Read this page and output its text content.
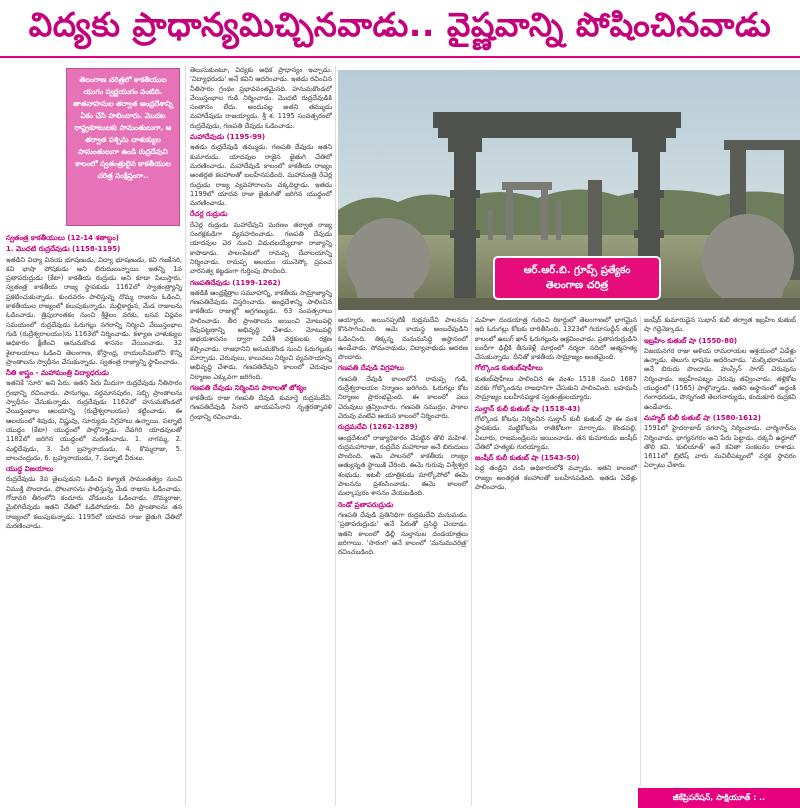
విద్యకు ప్రాధాన్యమిచ్చినవాడు.. వైష్ణవాన్ని పోషించినవాడు
తెలంగాణ చరిత్రలో కాకతీయుల యుగం స్వర్ణయుగం వంటిది. తాతవాహనుల తర్వాత ఆంధ్రదేశాన్ని ఏకం చేసి పాలించారు. మొదట రాష్ట్రకూటులకు సామంతులుగా, ఆ తర్వాత పశ్చిమ చాళుక్యుల సామంతులుగా ఉండి రుద్రదేవుని కాలంలో స్వతంత్రులైన కాకతీయుల చరిత్ర సంక్షిప్తంగా..

స్వతంత్ర కాకతీయులు (12-14 శతాబ్దం)

1. మొదటి రుద్రదేవుడు (1158-1195)

ఇతడిని విద్యా వినయ భూషణుడు, విద్యా భూషణుడు, కవి గజకేసరి, కవి భాషా పోషకుడు అని బిరుదులున్నాయి. ఇతన్ని 1వ ప్రతాపరుద్రుడు (కేటా) కాకతీయ రుద్రుడు అని కూడా పిలుస్తారు. స్వతంత్ర కాకతీయ రాజ్య స్థాపకుడు 1162లో స్వాతంత్ర్యాన్ని ప్రకటించుకున్నాడు. కుందవరం పాలిస్తున్న దొమ్మ రాజును ఓడించి, కాకతీయుల రాజ్యంలో కలుపుకున్నాడు. మల్లికార్జున, మేడ రాజులను ఓడించాడు. త్రిపురాంతకం నుంచి శ్రీశైలం వరకు, బసవ విప్లవం సమయంలో రుద్రదేవుడు ఓరుగల్లు నగరాన్ని నిర్మించి వేయిస్తంభాల గుడి (రుద్రేశ్వరాలయం)ను 1163లో నిర్మించాడు. కళ్యాణ చాళుక్యుల అధికారం క్షీణించి అనుమకొండ శాసనం వేయించాడు. 32 శైలాలయాలు ఓడించి తెలంగాణ, కోస్తాంధ్ర, రాయలసీమలోని కొన్ని ప్రాంతాలను స్వాధీనం చేసుకున్నాడు. స్వతంత్ర రాజ్యాన్ని స్థాపించాడు.

నీతి శాస్త్రం - మహామంత్రి విద్యాధరుడు

ఇతనికే 'సూరి' అని పేరు. ఇతని పేరు మీదుగా రుద్రదేవుడు నీతిసారం గ్రంథాన్ని రచించాడు. పానుగల్లు, వర్ధమానపురం, సబ్బి ప్రాంతాలను స్వాధీనం చేసుకున్నాడు. రుద్రదేవుడు 1162లో హనుమకొండలో వేయిస్తంభాల ఆలయాన్ని (రుద్రేశ్వరాలయం) కట్టించాడు. ఈ ఆలయంలో శివుడు, విష్ణువు, సూర్యుడు విగ్రహాలు ఉన్నాయి. పల్నాటి యుద్ధం (కేటా) యుద్ధంలో పాల్గొన్నాడు. దేవగిరి యాదవులతో 1182లో జరిగిన యుద్ధంలో మరణించాడు. 1. నాగమ్మ, 2. మల్లిదేవుడు, 3. పేరి బ్రహ్మనాయుడు, 4. కొమ్మరాజు, 5. బాలచంద్రుడు, 6. బ్రహ్మనాయుడు, 7. పల్నాటి వీరులు.

యుద్ధ విజయాలు

రుద్రదేవుడు 3వ తైలపుడుని ఓడించి కళ్యాణి సామంతత్వం నుంచి విముక్తి పొందాడు. పోలవాసను పాలిస్తున్న మేడ రాజును ఓడించాడు. గోదావరి తీరంలోని కందూరు చోడులను ఓడించాడు. దొమ్మరాజు, మైలిగిదేవుడు ఇతని చేతిలో ఓడిపోయారు. వీరి ప్రాంతాలను తన రాజ్యంలో కలుపుకున్నాడు. 1195లో యాదవ రాజు జైతుగి చేతిలో మరణించాడు.

తెలుసుకుంటూ, విద్యకు అధిక ప్రాధాన్యం ఇచ్చాడు. 'విద్యాధరుడు' అనే కవిని ఆదరించాడు. ఇతడు రచించిన నీతిసారం గ్రంథం ప్రభావవంతమైనది. హనుమకొండలో వేయిస్తంభాల గుడి నిర్మించాడు. మొదటి రుద్రదేవుడికి సంతానం లేదు. అందువల్ల అతని తమ్ముడు మహాదేవుడు రాజయ్యాడు. శ్రీ శ. 1195 సంవత్సరంలో రుద్రదేవుడు, గణపతి దేవుడు ఓడించాడు.

మహాదేవుడు (1195-99)

ఇతడు రుద్రదేవుడి తమ్ముడు. గణపతి దేవుడు ఇతని కుమారుడు. యాదవుల రాజైన జైతుగి చేతిలో మరణించాడు. మహాదేవుడి కాలంలో కాకతీయ రాజ్యం అంతర్గత కలహాలతో బలహీనపడింది. మహామంత్రి రేచెర్ల రుద్రుడు రాజ్య వ్యవహారాలను చక్కదిద్దాడు. ఇతడు 1199లో యాదవ రాజు జైతుగితో జరిగిన యుద్ధంలో మరణించాడు.

రేచర్ల రుద్రుడు

రేచెర్ల రుద్రుడు మహాదేవుని మరణం తర్వాత రాజ్య సంరక్షకుడిగా వ్యవహరించాడు. గణపతి దేవుడు యాదవుల చెర నుంచి విడుదలయ్యేదాకా రాజ్యాన్ని కాపాడాడు. పాలంపేటలో రామప్ప దేవాలయాన్ని నిర్మించాడు. రామప్ప ఆలయం యునెస్కో ప్రపంచ వారసత్వ కట్టడంగా గుర్తింపు పొందింది.

గణపతిదేవుడు (1199-1262)

ఇతడికి ఆంధ్రక్షేత్రాల సమూహాన్ని, కాకతీయ సామ్రాజ్యాన్ని గణపతిదేవుడు విస్తరించాడు. ఆంధ్రదేశాన్ని పాలించిన కాకతీయ రాజుల్లో అగ్రగణ్యుడు. 63 సంవత్సరాలు పాలించాడు. తీర ప్రాంతాలను జయించి మోటుపల్లి రేవుపట్టణాన్ని అభివృద్ధి చేశాడు. మోటుపల్లి అభయశాసనం ద్వారా విదేశీ వర్తకులకు రక్షణ కల్పించాడు. రాజధానిని అనుమకొండ నుంచి ఓరుగల్లుకు మార్చాడు. చెరువులు, కాలువలు నిర్మించి వ్యవసాయాన్ని అభివృద్ధి చేశాడు. గణపతిదేవుని కాలంలో చెరువుల నిర్మాణం ఎక్కువగా జరిగింది.

గణపతి దేవుడు నిర్మించిన పాకాలతో జోక్యం

కాకతీయ రాజు గణపతి దేవుడి కుమార్తె రుద్రమదేవి. గణపతిదేవుడి సేనాని జాయపసేనాని నృత్తరత్నావళి గ్రంథాన్ని రచించాడు.

ఆర్.ఆర్.బి. గ్రూప్స్ ప్రత్యేకం
తెలంగాణ చరిత్ర

ఆయ్యారు. అయినప్పటికీ రుద్రమదేవి పాలనను కొనసాగించింది. ఆమె కాయస్థ అంబదేవుడిని ఓడించింది. తిక్కన్న మనుమసిద్ధి ఆస్థానంలో ఉండేవాడు. సోమనాథుడు, విద్యానాథుడు ఆదరణ పొందారు.

గణపతి దేవుడి విగ్రహాలు

గణపతి దేవుడి కాలంలోనే రామప్ప గుడి, రుద్రేశ్వరాలయం నిర్మాణం జరిగింది. ఓరుగల్లు కోట నిర్మాణం ప్రారంభమైంది. ఈ కాలంలో పలు చెరువులు త్రవ్వించారు. గణపతి సముద్రం, పాకాల చెరువు వంటివి ఆయన కాలంలో నిర్మించారు.

రుద్రమదేవి (1262-1289)

ఆంధ్రదేశంలో రాజ్యాధికారం చేపట్టిన తొలి మహిళ. రుద్రమహారాజు, రుద్రదేవ మహారాజు అనే బిరుదులు పొందింది. ఆమె పాలనలో కాకతీయ రాజ్యం అత్యున్నత స్థాయికి చేరింది. ఈమె గురువు విశ్వేశ్వర శంభుడు. ఇటలీ యాత్రికుడు మార్కోపోలో ఈమె పాలనను ప్రశంసించాడు. ఈమె కాలంలో మల్కాపురం శాసనం వేయబడింది.

రెండో ప్రతాపరుద్రుడు

గణపతి దేవుడి ప్రతినిధిగా రుద్రమదేవి మనుమడు. 'ప్రతాపరుద్రుడు' అనే పేరుతో ప్రసిద్ధి చెందాడు. ఇతని కాలంలో ఢిల్లీ సుల్తానుల దండయాత్రలు జరిగాయి. 'సారంగ' అనే కాలంలో 'మనుమచరిత్ర' రచించబడింది.

మహిళా దండయాత్ర గురించి రికార్డులో తెలంగాణలో భాగమైన ఇది ఓరుగల్లు కోటకు దారితీసింది. 1323లో గియాసుద్దీన్ తుగ్లక్ కాలంలో ఉలుగ్ ఖాన్ ఓరుగల్లును ఆక్రమించాడు. ప్రతాపరుద్రుడిని బందీగా ఢిల్లీకి తీసుకెళ్లే మార్గంలో నర్మదా నదిలో ఆత్మహత్య చేసుకున్నాడు. దీనితో కాకతీయ సామ్రాజ్యం అంతమైంది.

గోల్కొండ కుతుబ్‌షాహీలు

కుతుబ్‌షాహీలు పాలించిన ఈ వంశం 1518 నుంచి 1687 వరకు గోల్కొండను రాజధానిగా చేసుకుని పాలించింది. బహమనీ సామ్రాజ్యం బలహీనపడ్డాక స్వతంత్రులయ్యారు.

సుల్తాన్ కులీ కుతుబ్ షా (1518-43)

గోల్కొండ కోటను నిర్మించిన సుల్తాన్ కులీ కుతుబ్ షా ఈ వంశ స్థాపకుడు. మట్టికోటను రాతికోటగా మార్చాడు. కొండపల్లి, ఏలూరు, రాజమండ్రిలను జయించాడు. తన కుమారుడు జంషీద్ చేతిలో హత్యకు గురయ్యాడు.

జంషీద్ కులీ కుతుబ్ షా (1543-50)

పెద్ద తండ్రిని చంపి అధికారంలోకి వచ్చాడు. ఇతని కాలంలో రాజ్యం అంతర్గత కలహాలతో బలహీనపడింది. ఇతడు ఏడేళ్లు పాలించాడు.

జంషీద్ కుమారుడైన సుభాన్ కులీ తర్వాత ఇబ్రహీం కుతుబ్ షా గద్దెనెక్కాడు.

ఇబ్రహీం కుతుబ్ షా (1550-80)

విజయనగర రాజు అళియ రామరాయల ఆశ్రయంలో ఏడేళ్లు ఉన్నాడు. తెలుగు భాషను ఆదరించాడు. 'మల్కిభరాముడు' అనే బిరుదు పొందాడు. హుస్సేన్ సాగర్ చెరువును నిర్మించాడు. ఇబ్రహీంపట్నం చెరువు తవ్వించాడు. తళ్లికోట యుద్ధంలో (1565) పాల్గొన్నాడు. ఇతని ఆస్థానంలో అద్దంకి గంగాధరుడు, పొన్నగంటి తెలగనార్యుడు, కందుకూరి రుద్రకవి ఉండేవారు.

మహ్మద్ కులీ కుతుబ్ షా (1580-1612)

1591లో హైదరాబాద్ నగరాన్ని నిర్మించాడు. చార్మినార్‌ను నిర్మించాడు. భాగ్యనగరం అని పేరు పెట్టాడు. దక్కనీ ఉర్దూలో తొలి కవి. 'కులియాత్' అనే కవితా సంకలనం రాశాడు. 1611లో బ్రిటిష్ వారు మచిలీపట్నంలో వర్తక స్థావరం ఏర్పాటు చేశారు.

జీకేప్రిపరేషన్, సాక్షియూత్ : ..
